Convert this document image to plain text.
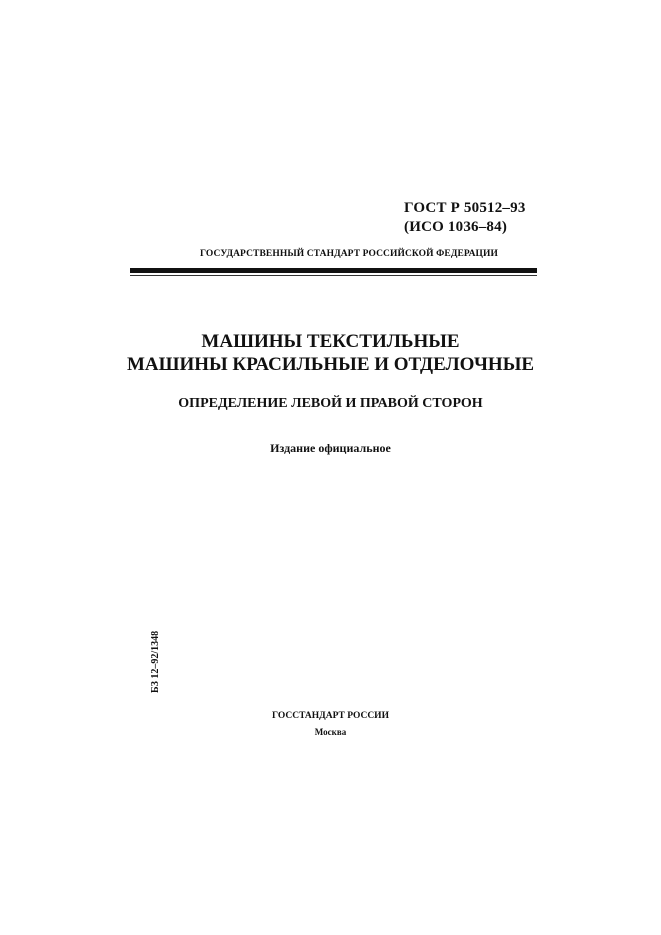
ГОСТ Р 50512–93
(ИСО 1036–84)
ГОСУДАРСТВЕННЫЙ СТАНДАРТ РОССИЙСКОЙ ФЕДЕРАЦИИ
МАШИНЫ ТЕКСТИЛЬНЫЕ
МАШИНЫ КРАСИЛЬНЫЕ И ОТДЕЛОЧНЫЕ
ОПРЕДЕЛЕНИЕ ЛЕВОЙ И ПРАВОЙ СТОРОН
Издание официальное
БЗ 12–92/1348
ГОССТАНДАРТ РОССИИ
Москва
